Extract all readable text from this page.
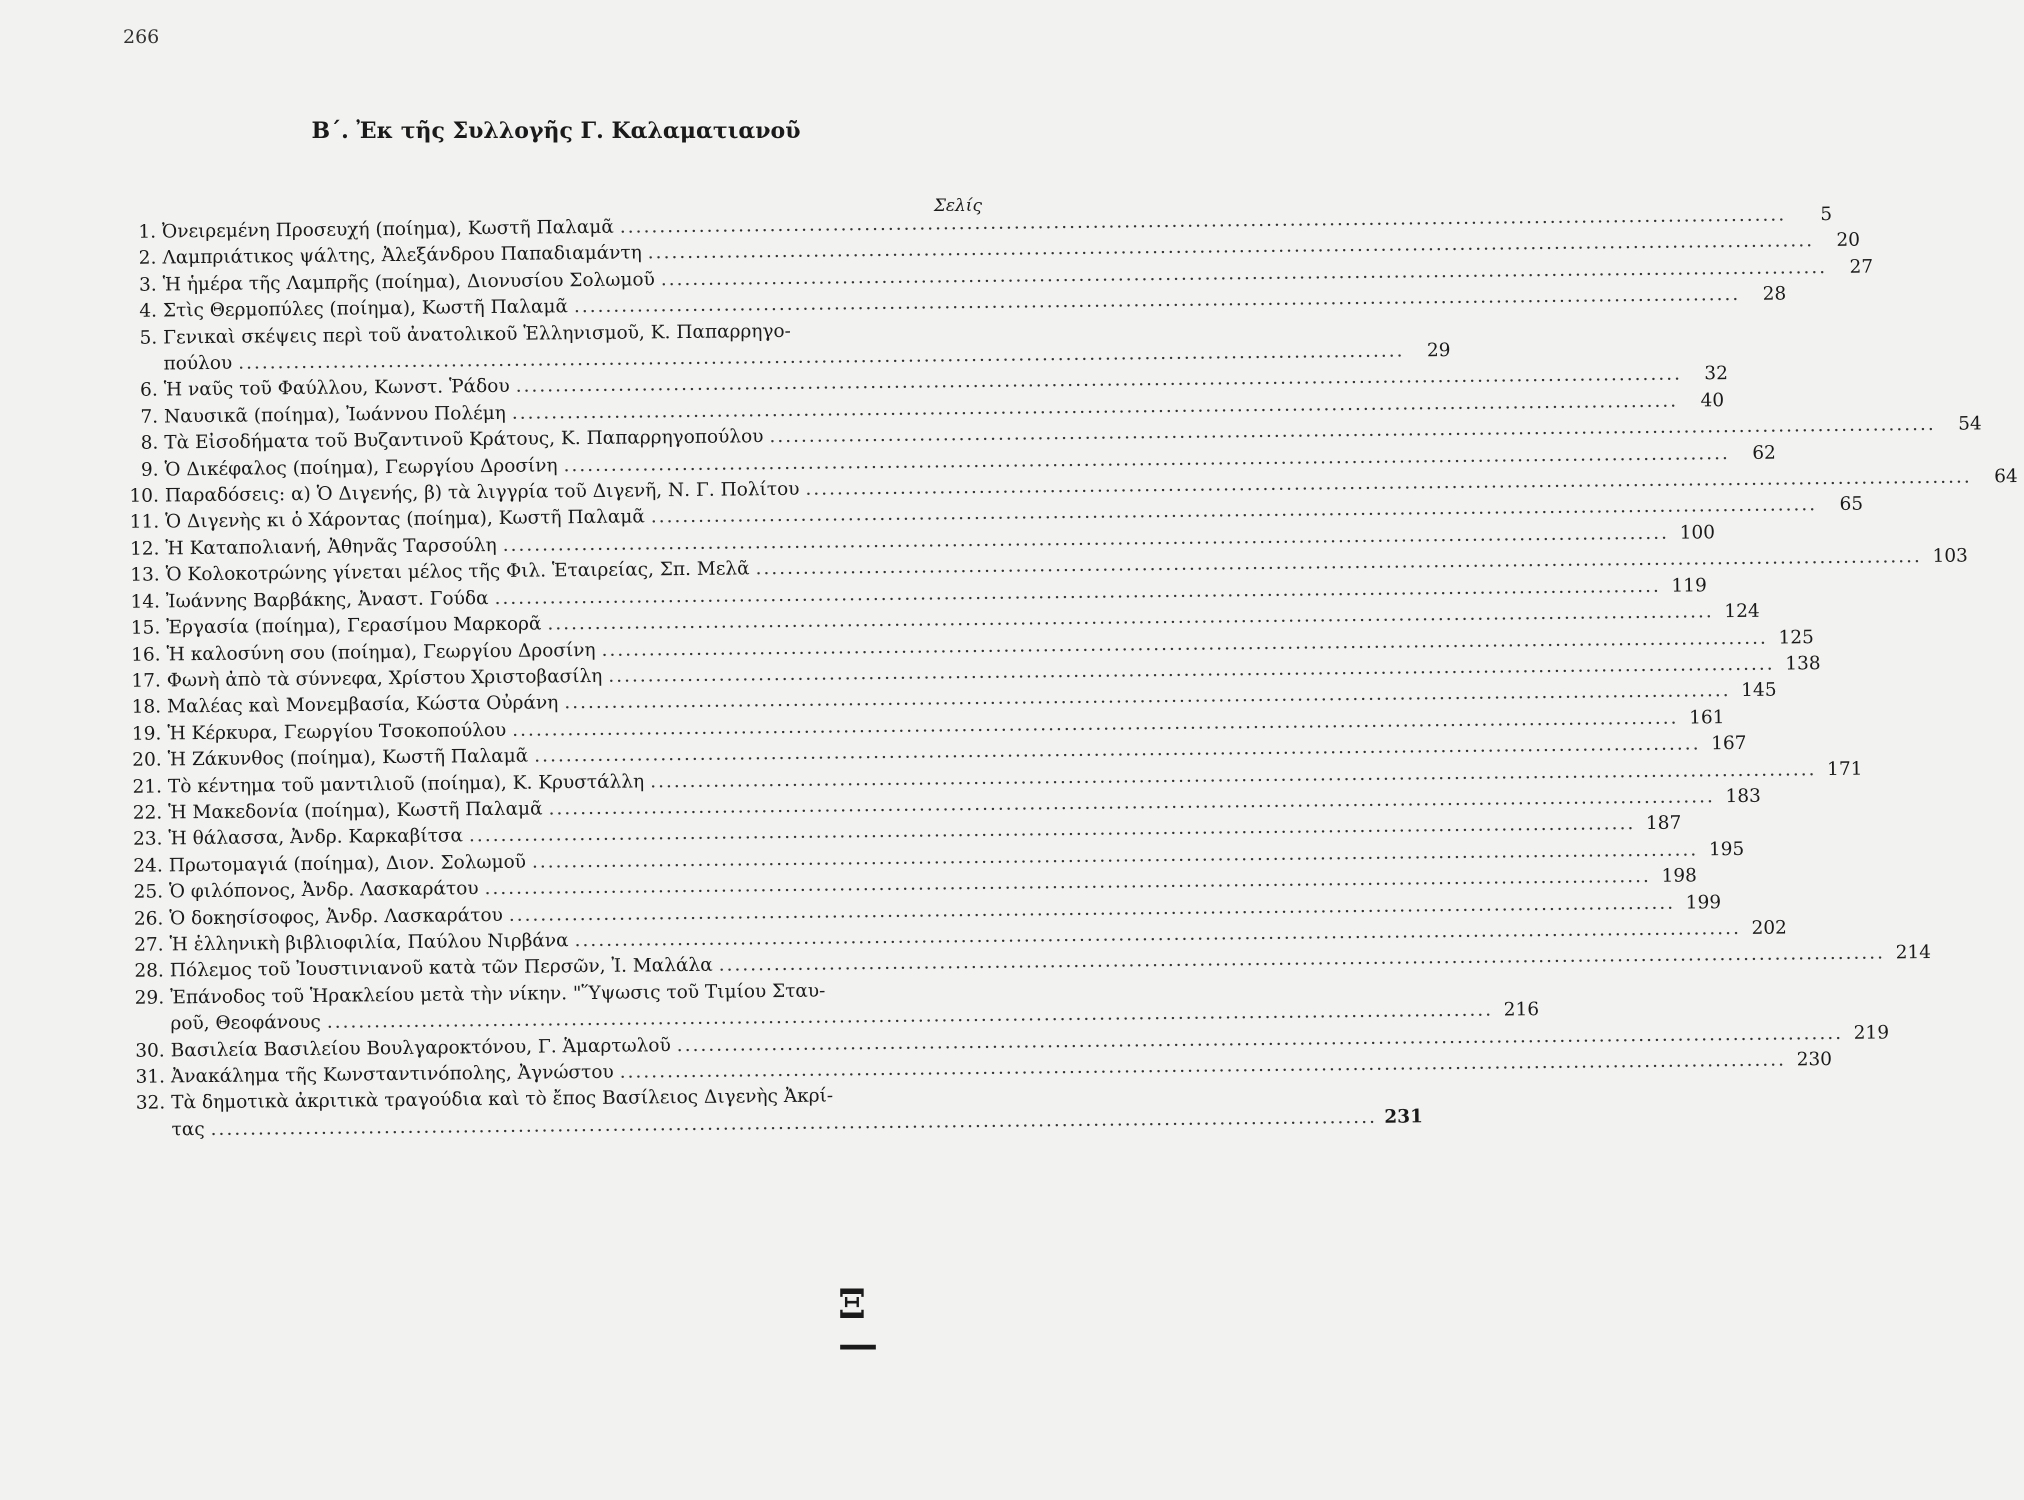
266
Β΄. Ἐκ τῆς Συλλογῆς Γ. Καλαματιανοῦ
Σελίς
1. Ὀνειρεμένη Προσευχή (ποίημα), Κωστῆ Παλαμᾶ
.....
5
2. Λαμπριάτικος ψάλτης, Ἀλεξάνδρου Παπαδιαμάντη
.....
20
3. Ἡ ἡμέρα τῆς Λαμπρῆς (ποίημα), Διονυσίου Σολωμοῦ
.....
27
4. Στὶς Θερμοπύλες (ποίημα), Κωστῆ Παλαμᾶ
.....
28
5. Γενικαὶ σκέψεις περὶ τοῦ ἀνατολικοῦ Ἑλληνισμοῦ, Κ. Παπαρρηγο-
πούλου
.....
29
6. Ἡ ναῦς τοῦ Φαύλλου, Κωνστ. Ῥάδου
.....
32
7. Ναυσικᾶ (ποίημα), Ἰωάννου Πολέμη
.....
40
8. Τὰ Εἰσοδήματα τοῦ Βυζαντινοῦ Κράτους, Κ. Παπαρρηγοπούλου
.....
54
9. Ὁ Δικέφαλος (ποίημα), Γεωργίου Δροσίνη
.....
62
10. Παραδόσεις: α) Ὁ Διγενής, β) τὰ λιγγρία τοῦ Διγενῆ, Ν. Γ. Πολίτου
.....
64
11. Ὁ Διγενὴς κι ὁ Χάροντας (ποίημα), Κωστῆ Παλαμᾶ
.....
65
12. Ἡ Καταπολιανή, Ἀθηνᾶς Ταρσούλη
.....
100
13. Ὁ Κολοκοτρώνης γίνεται μέλος τῆς Φιλ. Ἑταιρείας, Σπ. Μελᾶ
.....
103
14. Ἰωάννης Βαρβάκης, Ἀναστ. Γούδα
.....
119
15. Ἐργασία (ποίημα), Γερασίμου Μαρκορᾶ
.....
124
16. Ἡ καλοσύνη σου (ποίημα), Γεωργίου Δροσίνη
.....
125
17. Φωνὴ ἀπὸ τὰ σύννεφα, Χρίστου Χριστοβασίλη
.....
138
18. Μαλέας καὶ Μονεμβασία, Κώστα Οὐράνη
.....
145
19. Ἡ Κέρκυρα, Γεωργίου Τσοκοπούλου
.....
161
20. Ἡ Ζάκυνθος (ποίημα), Κωστῆ Παλαμᾶ
.....
167
21. Τὸ κέντημα τοῦ μαντιλιοῦ (ποίημα), Κ. Κρυστάλλη
.....
171
22. Ἡ Μακεδονία (ποίημα), Κωστῆ Παλαμᾶ
.....
183
23. Ἡ θάλασσα, Ἀνδρ. Καρκαβίτσα
.....
187
24. Πρωτομαγιά (ποίημα), Διον. Σολωμοῦ
.....
195
25. Ὁ φιλόπονος, Ἀνδρ. Λασκαράτου
.....
198
26. Ὁ δοκησίσοφος, Ἀνδρ. Λασκαράτου
.....
199
27. Ἡ ἑλληνικὴ βιβλιοφιλία, Παύλου Νιρβάνα
.....
202
28. Πόλεμος τοῦ Ἰουστινιανοῦ κατὰ τῶν Περσῶν, Ἰ. Μαλάλα
.....
214
29. Ἐπάνοδος τοῦ Ἡρακλείου μετὰ τὴν νίκην. "Ὕψωσις τοῦ Τιμίου Σταυ-
ροῦ, Θεοφάνους
.....
216
30. Βασιλεία Βασιλείου Βουλγαροκτόνου, Γ. Ἁμαρτωλοῦ
.....
219
31. Ἀνακάλημα τῆς Κωνσταντινόπολης, Ἀγνώστου
.....
230
32. Τὰ δημοτικὰ ἀκριτικὰ τραγούδια καὶ τὸ ἔπος Βασίλειος Διγενὴς Ἀκρί-
τας
.....
231
Ξ
—
